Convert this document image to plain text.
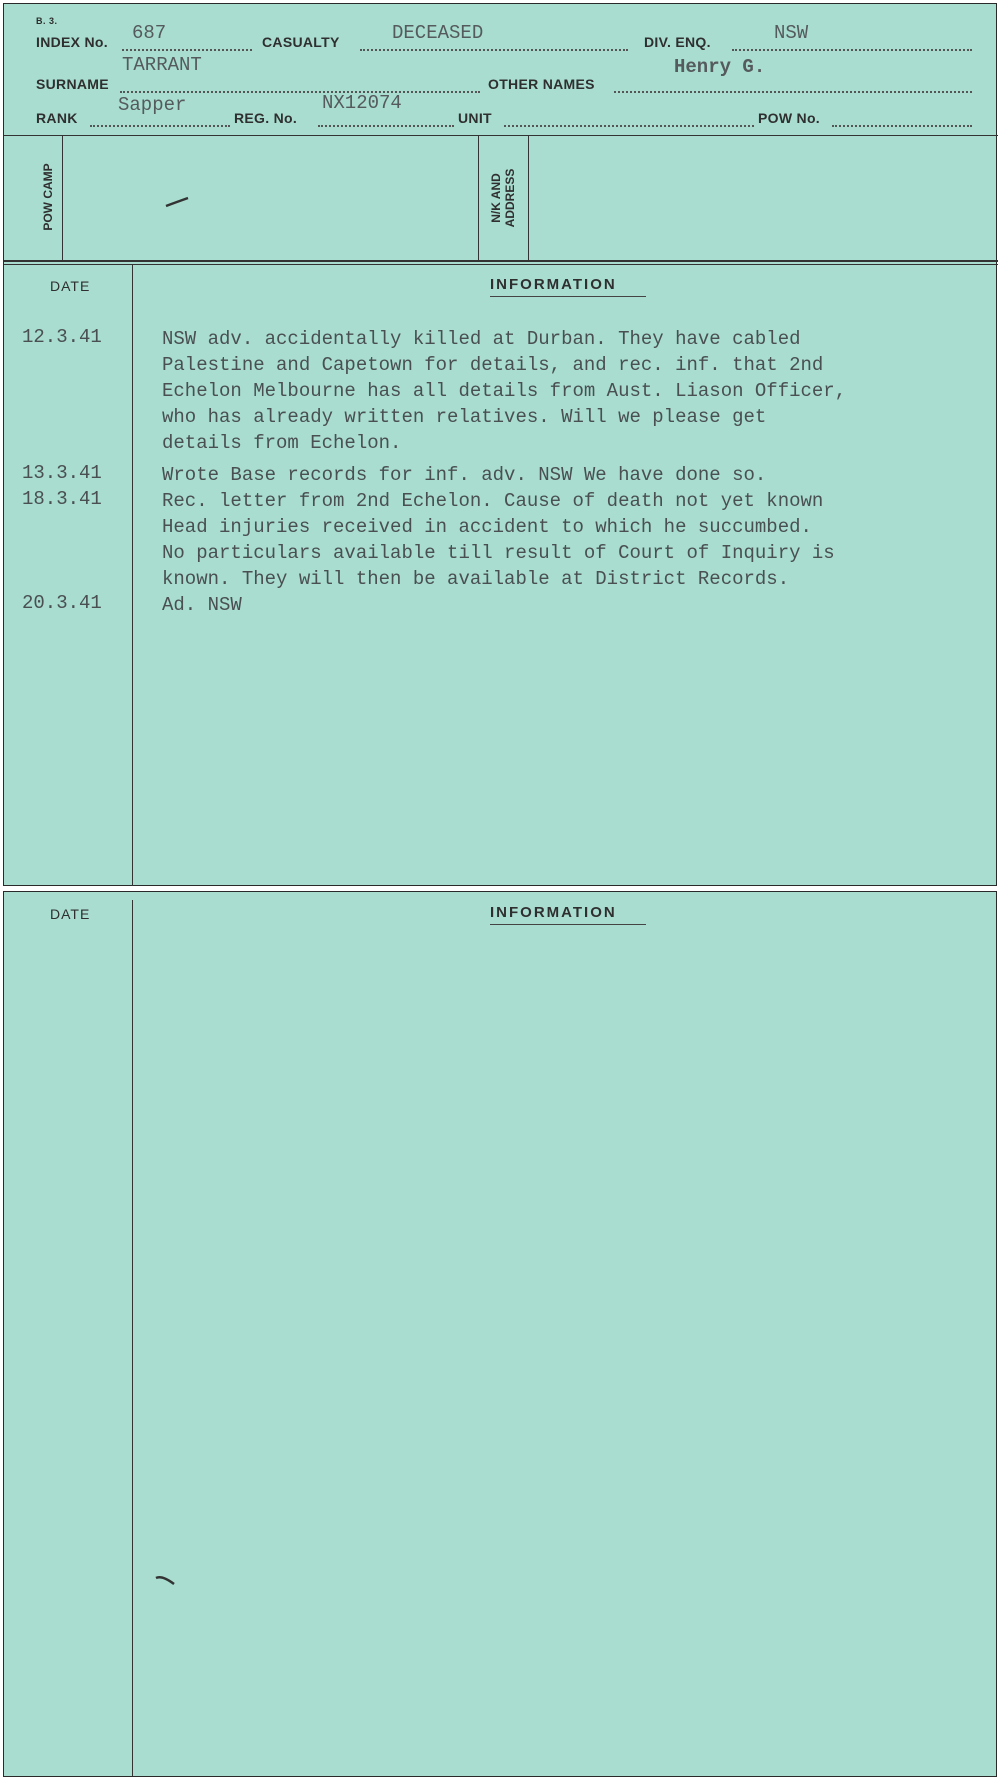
B. 3.
INDEX No. 687	CASUALTY	DECEASED	DIV. ENQ.	NSW
SURNAME
TARRANT
OTHER NAMES
Henry G.
RANK
Sapper
REG. No.
NX12074
UNIT	POW No.
POW CAMP	N/K AND ADDRESS
DATE	INFORMATION
12.3.41	NSW adv. accidentally killed at Durban. They have cabled
Palestine and Capetown for details, and rec. inf. that 2nd
Echelon Melbourne has all details from Aust. Liason Officer,
who has already written relatives. Will we please get
details from Echelon.
13.3.41	Wrote Base records for inf. adv. NSW We have done so.
18.3.41	Rec. letter from 2nd Echelon. Cause of death not yet known
Head injuries received in accident to which he succumbed.
No particulars available till result of Court of Inquiry is
known. They will then be available at District Records.
20.3.41	Ad. NSW
DATE	INFORMATION
